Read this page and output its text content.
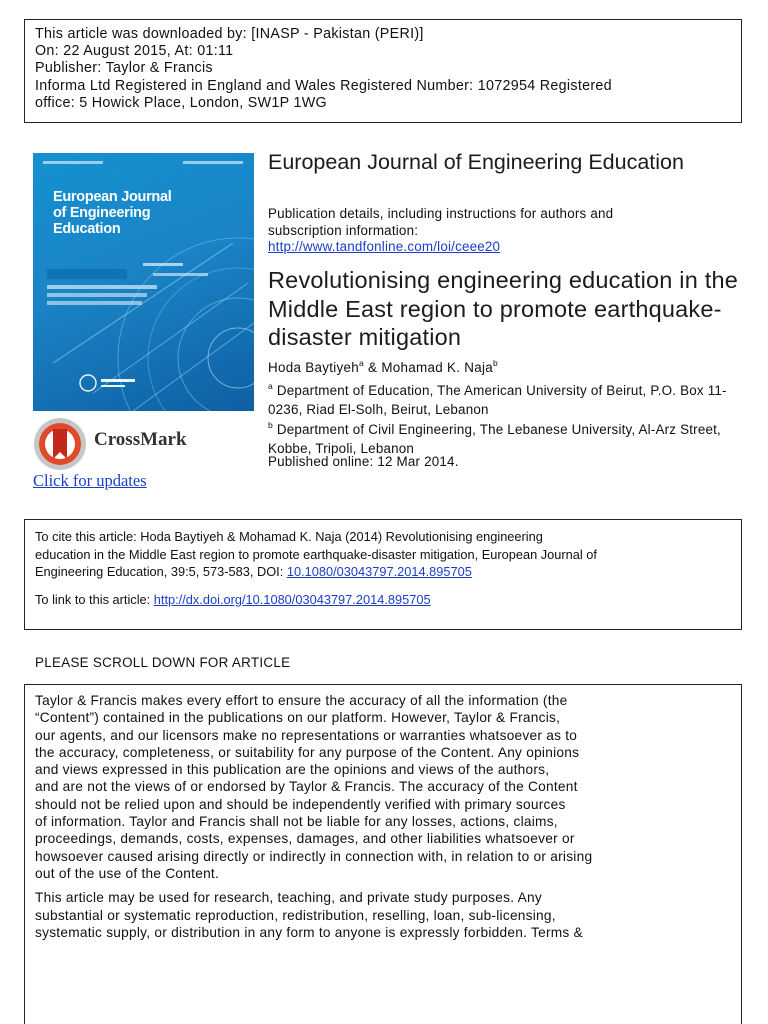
This article was downloaded by: [INASP - Pakistan (PERI)]
On: 22 August 2015, At: 01:11
Publisher: Taylor & Francis
Informa Ltd Registered in England and Wales Registered Number: 1072954 Registered
office: 5 Howick Place, London, SW1P 1WG
European Journal
of Engineering
Education
CrossMark
Click for updates
European Journal of Engineering Education
Publication details, including instructions for authors and
subscription information:
http://www.tandfonline.com/loi/ceee20
Revolutionising engineering education in the Middle East region to promote earthquake-disaster mitigation
Hoda Baytiyeh$^a$ & Mohamad K. Naja$^b$
$^a$ Department of Education, The American University of Beirut, P.O. Box 11-0236, Riad El-Solh, Beirut, Lebanon
$^b$ Department of Civil Engineering, The Lebanese University, Al-Arz Street, Kobbe, Tripoli, Lebanon
Published online: 12 Mar 2014.
To cite this article: Hoda Baytiyeh & Mohamad K. Naja (2014) Revolutionising engineering
education in the Middle East region to promote earthquake-disaster mitigation, European Journal of
Engineering Education, 39:5, 573-583, DOI: 10.1080/03043797.2014.895705
To link to this article: http://dx.doi.org/10.1080/03043797.2014.895705
PLEASE SCROLL DOWN FOR ARTICLE
Taylor & Francis makes every effort to ensure the accuracy of all the information (the
“Content”) contained in the publications on our platform. However, Taylor & Francis,
our agents, and our licensors make no representations or warranties whatsoever as to
the accuracy, completeness, or suitability for any purpose of the Content. Any opinions
and views expressed in this publication are the opinions and views of the authors,
and are not the views of or endorsed by Taylor & Francis. The accuracy of the Content
should not be relied upon and should be independently verified with primary sources
of information. Taylor and Francis shall not be liable for any losses, actions, claims,
proceedings, demands, costs, expenses, damages, and other liabilities whatsoever or
howsoever caused arising directly or indirectly in connection with, in relation to or arising
out of the use of the Content.
This article may be used for research, teaching, and private study purposes. Any
substantial or systematic reproduction, redistribution, reselling, loan, sub-licensing,
systematic supply, or distribution in any form to anyone is expressly forbidden. Terms &
